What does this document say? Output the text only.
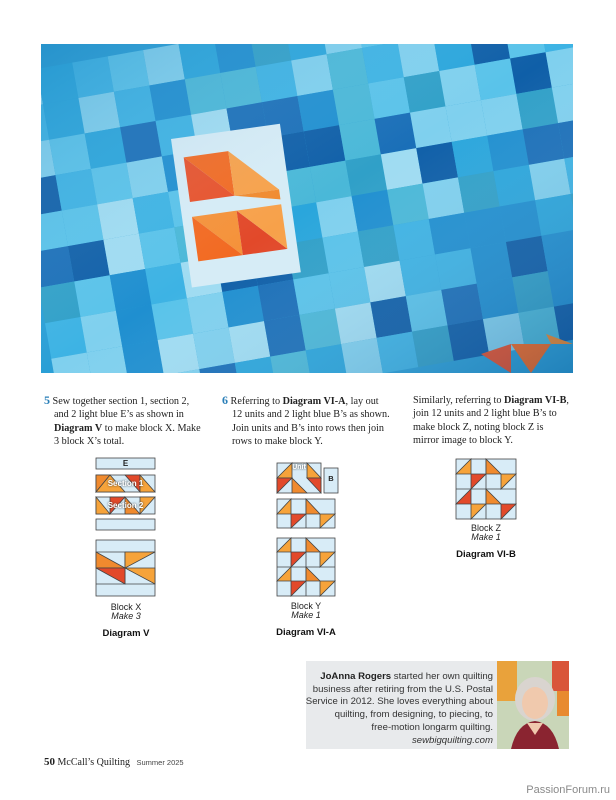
5 Sew together section 1, section 2,
and 2 light blue E’s as shown in
Diagram V to make block X. Make
3 block X’s total.
6 Referring to Diagram VI-A, lay out
12 units and 2 light blue B’s as shown.
Join units and B’s into rows then join
rows to make block Y.
Similarly, referring to Diagram VI-B,
join 12 units and 2 light blue B’s to
make block Z, noting block Z is
mirror image to block Y.
E
Section 1
Section 2
Block X
Make 3
Diagram V
Unit
B
Block Y
Make 1
Diagram VI-A
Block Z
Make 1
Diagram VI-B
JoAnna Rogers started her own quilting
business after retiring from the U.S. Postal
Service in 2012. She loves everything about
quilting, from designing, to piecing, to
free-motion longarm quilting.
sewbigquilting.com
50 McCall’s Quilting Summer 2025
PassionForum.ru
